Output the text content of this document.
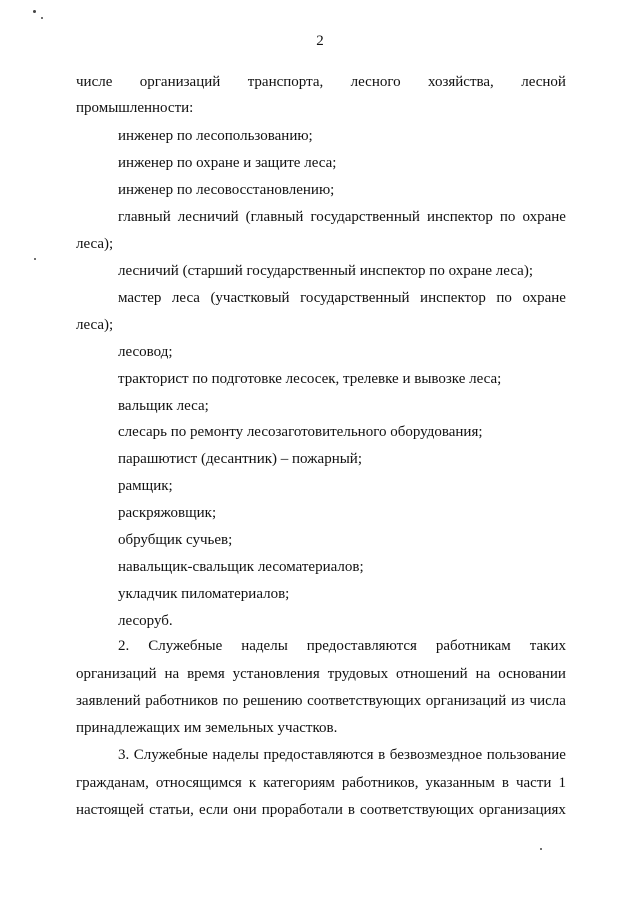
2
числе организаций транспорта, лесного хозяйства, лесной
промышленности:
инженер по лесопользованию;
инженер по охране и защите леса;
инженер по лесовосстановлению;
главный лесничий (главный государственный инспектор по охране
леса);
лесничий (старший государственный инспектор по охране леса);
мастер леса (участковый государственный инспектор по охране
леса);
лесовод;
тракторист по подготовке лесосек, трелевке и вывозке леса;
вальщик леса;
слесарь по ремонту лесозаготовительного оборудования;
парашютист (десантник) – пожарный;
рамщик;
раскряжовщик;
обрубщик сучьев;
навальщик-свальщик лесоматериалов;
укладчик пиломатериалов;
лесоруб.
2. Служебные наделы предоставляются работникам таких
организаций на время установления трудовых отношений на основании
заявлений работников по решению соответствующих организаций из числа
принадлежащих им земельных участков.
3. Служебные наделы предоставляются в безвозмездное пользование
гражданам, относящимся к категориям работников, указанным в части 1
настоящей статьи, если они проработали в соответствующих организациях
